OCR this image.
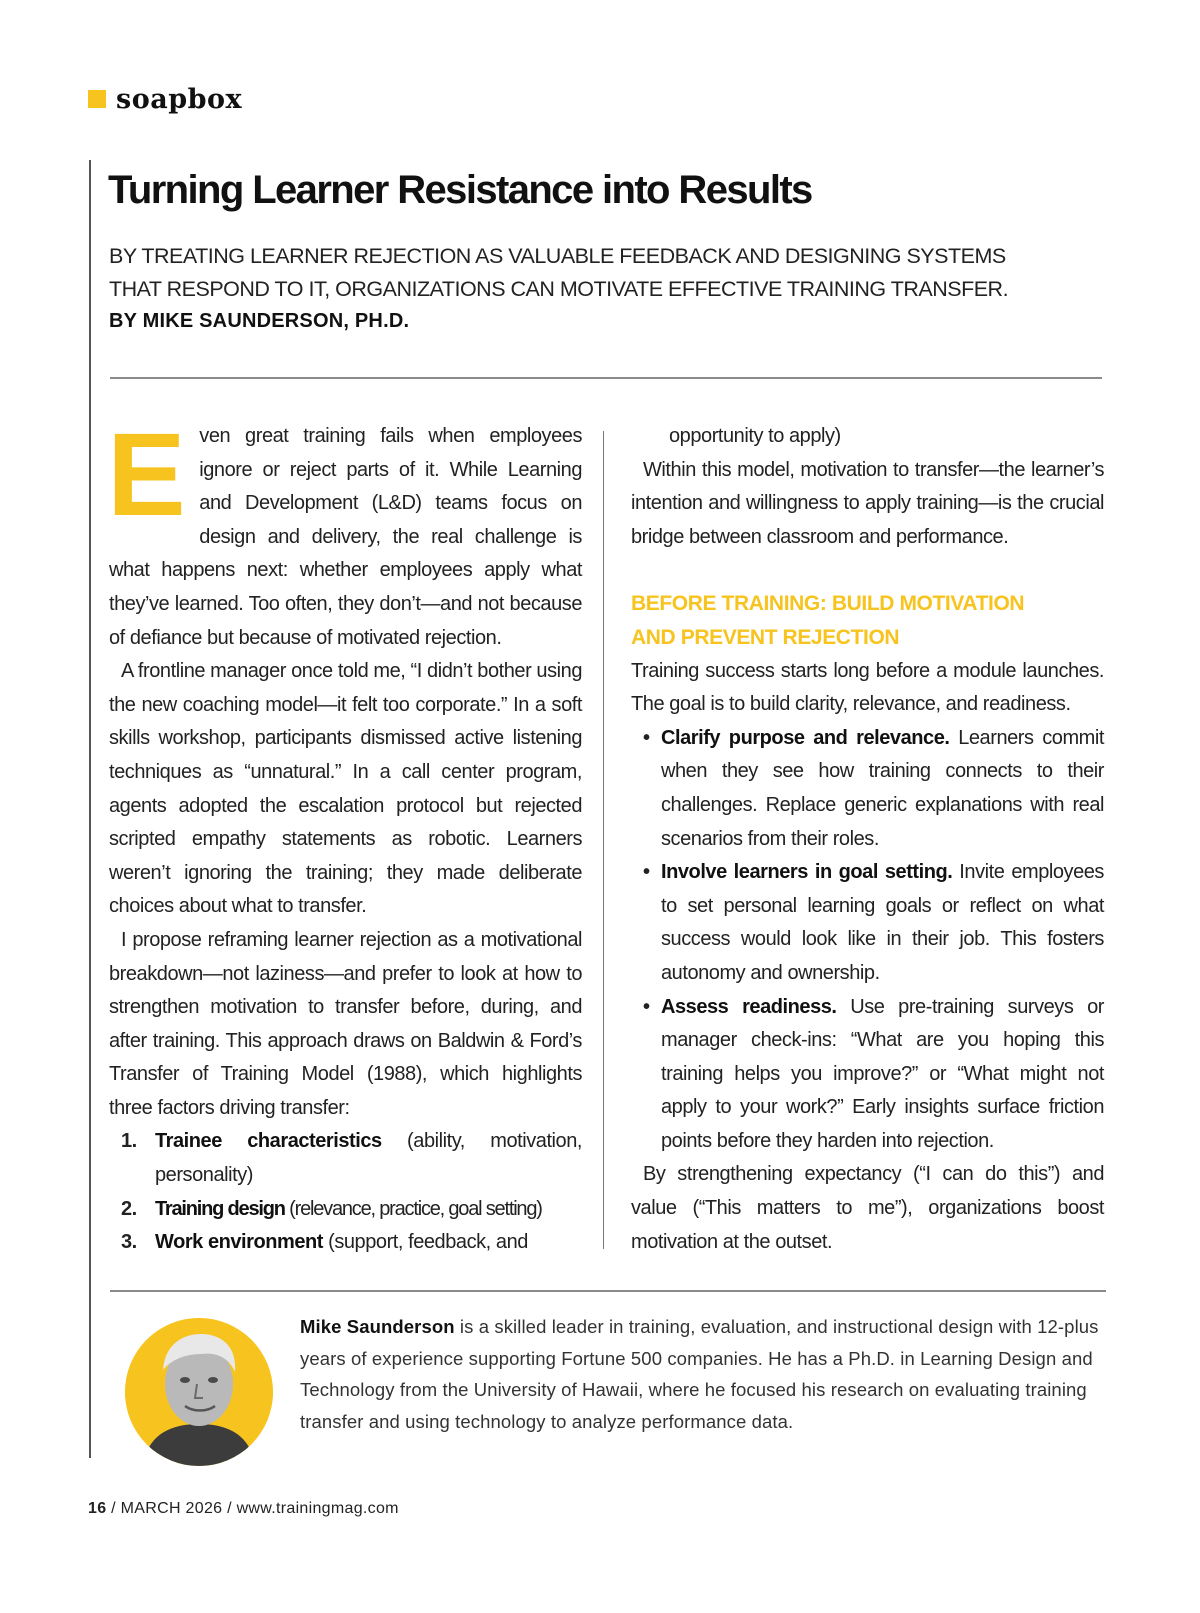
soapbox
Turning Learner Resistance into Results

BY TREATING LEARNER REJECTION AS VALUABLE FEEDBACK AND DESIGNING SYSTEMS

THAT RESPOND TO IT, ORGANIZATIONS CAN MOTIVATE EFFECTIVE TRAINING TRANSFER.

BY MIKE SAUNDERSON, PH.D.

Even great training fails when employees ignore or reject parts of it. While Learning and Development (L&D) teams focus on design and delivery, the real challenge is what happens next: whether employees apply what they’ve learned. Too often, they don’t—and not because of defiance but because of motivated rejection.

A frontline manager once told me, “I didn’t bother using the new coaching model—it felt too corporate.” In a soft skills workshop, participants dismissed active listening techniques as “unnatural.” In a call center program, agents adopted the escalation protocol but rejected scripted empathy statements as robotic. Learners weren’t ignoring the training; they made deliberate choices about what to transfer.

I propose reframing learner rejection as a motivational breakdown—not laziness—and prefer to look at how to strengthen motivation to transfer before, during, and after training. This approach draws on Baldwin & Ford’s Transfer of Training Model (1988), which highlights three factors driving transfer:

1. Trainee characteristics (ability, motivation, personality)
2. Training design (relevance, practice, goal setting)
3. Work environment (support, feedback, and

opportunity to apply)

Within this model, motivation to transfer—the learner’s intention and willingness to apply training—is the crucial bridge between classroom and performance.

BEFORE TRAINING: BUILD MOTIVATION

AND PREVENT REJECTION

Training success starts long before a module launches. The goal is to build clarity, relevance, and readiness.

• Clarify purpose and relevance. Learners commit when they see how training connects to their challenges. Replace generic explanations with real scenarios from their roles.
• Involve learners in goal setting. Invite employees to set personal learning goals or reflect on what success would look like in their job. This fosters autonomy and ownership.
• Assess readiness. Use pre-training surveys or manager check-ins: “What are you hoping this training helps you improve?” or “What might not apply to your work?” Early insights surface friction points before they harden into rejection.

By strengthening expectancy (“I can do this”) and value (“This matters to me”), organizations boost motivation at the outset.

Mike Saunderson is a skilled leader in training, evaluation, and instructional design with 12-plus years of experience supporting Fortune 500 companies. He has a Ph.D. in Learning Design and Technology from the University of Hawaii, where he focused his research on evaluating training transfer and using technology to analyze performance data.

16 / MARCH 2026 / www.trainingmag.com
